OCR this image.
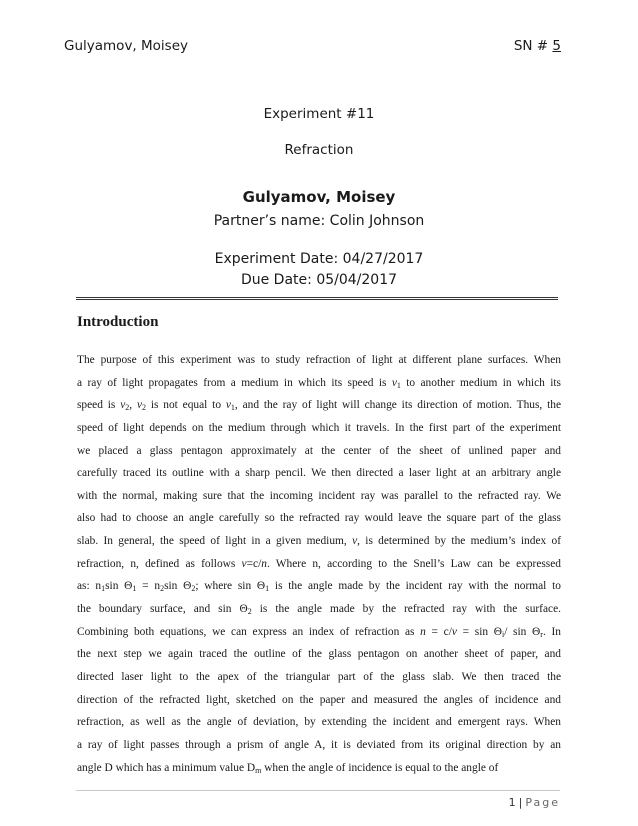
Gulyamov, Moisey	SN # 5
Experiment #11
Refraction
Gulyamov, Moisey
Partner’s name: Colin Johnson
Experiment Date: 04/27/2017
Due Date: 05/04/2017
Introduction
The purpose of this experiment was to study refraction of light at different plane surfaces. When
a ray of light propagates from a medium in which its speed is $v_1$ to another medium in which its
speed is $v_2$, $v_2$ is not equal to $v_1$, and the ray of light will change its direction of motion. Thus, the
speed of light depends on the medium through which it travels. In the first part of the experiment
we placed a glass pentagon approximately at the center of the sheet of unlined paper and
carefully traced its outline with a sharp pencil. We then directed a laser light at an arbitrary angle
with the normal, making sure that the incoming incident ray was parallel to the refracted ray. We
also had to choose an angle carefully so the refracted ray would leave the square part of the glass
slab. In general, the speed of light in a given medium, v, is determined by the medium’s index of
refraction, n, defined as follows v=c/n. Where n, according to the Snell’s Law can be expressed
as: $n_1\sin$ $\Theta_1 = n_2\sin$ $\Theta_2$; where $\sin \Theta_1$ is the angle made by the incident ray with the normal to
the boundary surface, and $\sin \Theta_2$ is the angle made by the refracted ray with the surface.
Combining both equations, we can express an index of refraction as $n = c/v = \sin \Theta_i/$ $\sin \Theta_r$. In
the next step we again traced the outline of the glass pentagon on another sheet of paper, and
directed laser light to the apex of the triangular part of the glass slab. We then traced the
direction of the refracted light, sketched on the paper and measured the angles of incidence and
refraction, as well as the angle of deviation, by extending the incident and emergent rays. When
a ray of light passes through a prism of angle A, it is deviated from its original direction by an
angle D which has a minimum value $D_m$ when the angle of incidence is equal to the angle of
1 | Page
